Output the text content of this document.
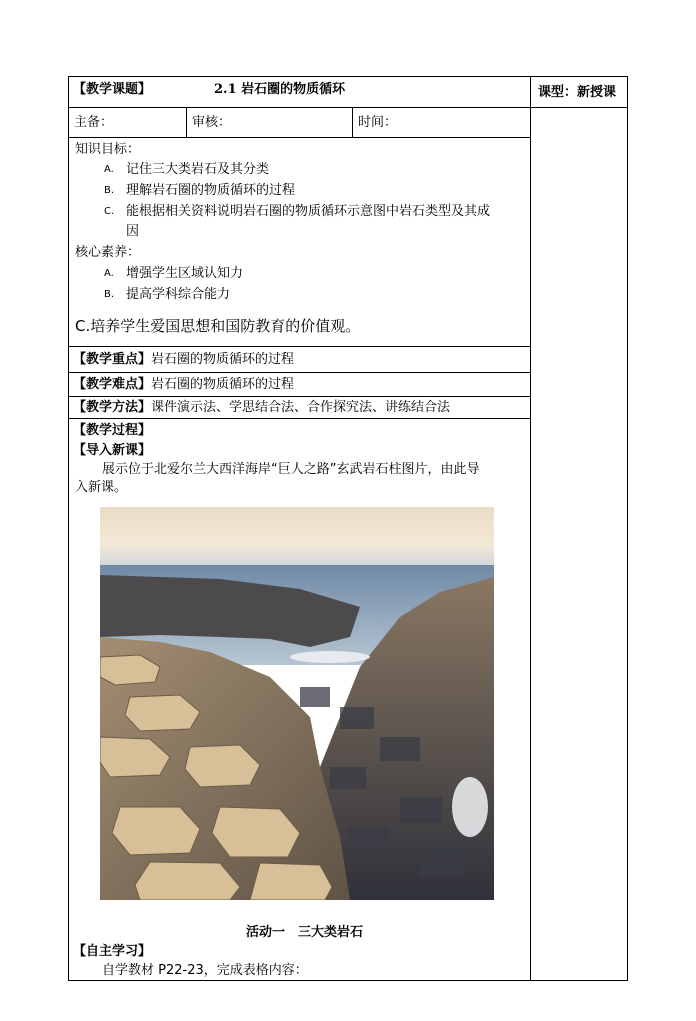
【教学课题】	2.1 岩石圈的物质循环	课型：新授课
主备：	审核：	时间：
知识目标：
A. 记住三大类岩石及其分类
B. 理解岩石圈的物质循环的过程
C. 能根据相关资料说明岩石圈的物质循环示意图中岩石类型及其成
因
核心素养：
A. 增强学生区域认知力
B. 提高学科综合能力
C.培养学生爱国思想和国防教育的价值观。
【教学重点】岩石圈的物质循环的过程
【教学难点】岩石圈的物质循环的过程
【教学方法】课件演示法、学思结合法、合作探究法、讲练结合法
【教学过程】
【导入新课】
展示位于北爱尔兰大西洋海岸“巨人之路”玄武岩石柱图片，由此导
入新课。
活动一　三大类岩石
【自主学习】
自学教材 P22-23，完成表格内容：
